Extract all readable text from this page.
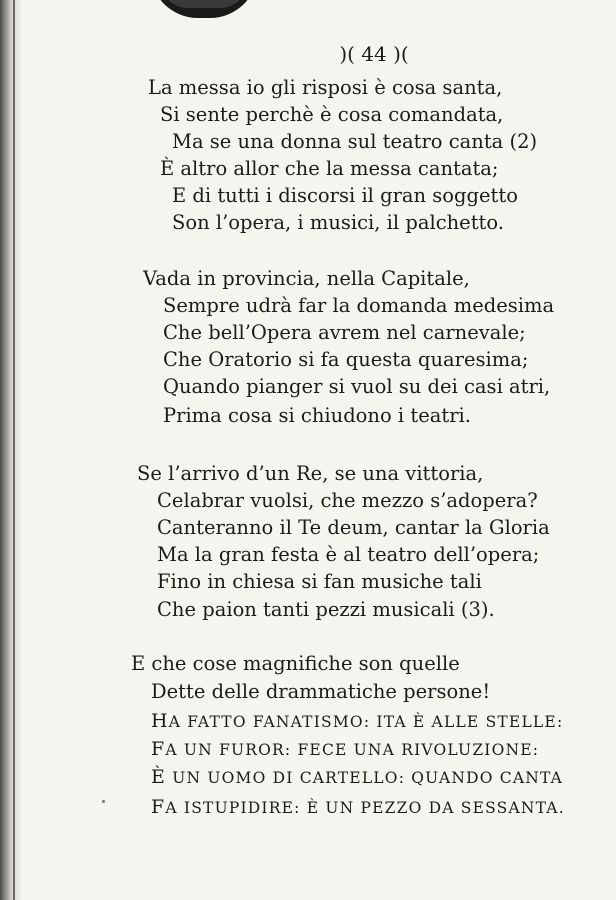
)( 44 )(
La messa io gli risposi è cosa santa,
Si sente perchè è cosa comandata,
Ma se una donna sul teatro canta (2)
È altro allor che la messa cantata;
E di tutti i discorsi il gran soggetto
Son l’opera, i musici, il palchetto.
Vada in provincia, nella Capitale,
Sempre udrà far la domanda medesima
Che bell’Opera avrem nel carnevale;
Che Oratorio si fa questa quaresima;
Quando pianger si vuol su dei casi atri,
Prima cosa si chiudono i teatri.
Se l’arrivo d’un Re, se una vittoria,
Celabrar vuolsi, che mezzo s’adopera?
Canteranno il Te deum, cantar la Gloria
Ma la gran festa è al teatro dell’opera;
Fino in chiesa si fan musiche tali
Che paion tanti pezzi musicali (3).
E che cose magnifiche son quelle
Dette delle drammatiche persone!
HA FATTO FANATISMO: ITA È ALLE STELLE:
FA UN FUROR: FECE UNA RIVOLUZIONE:
È UN UOMO DI CARTELLO: QUANDO CANTA
FA ISTUPIDIRE: È UN PEZZO DA SESSANTA.
